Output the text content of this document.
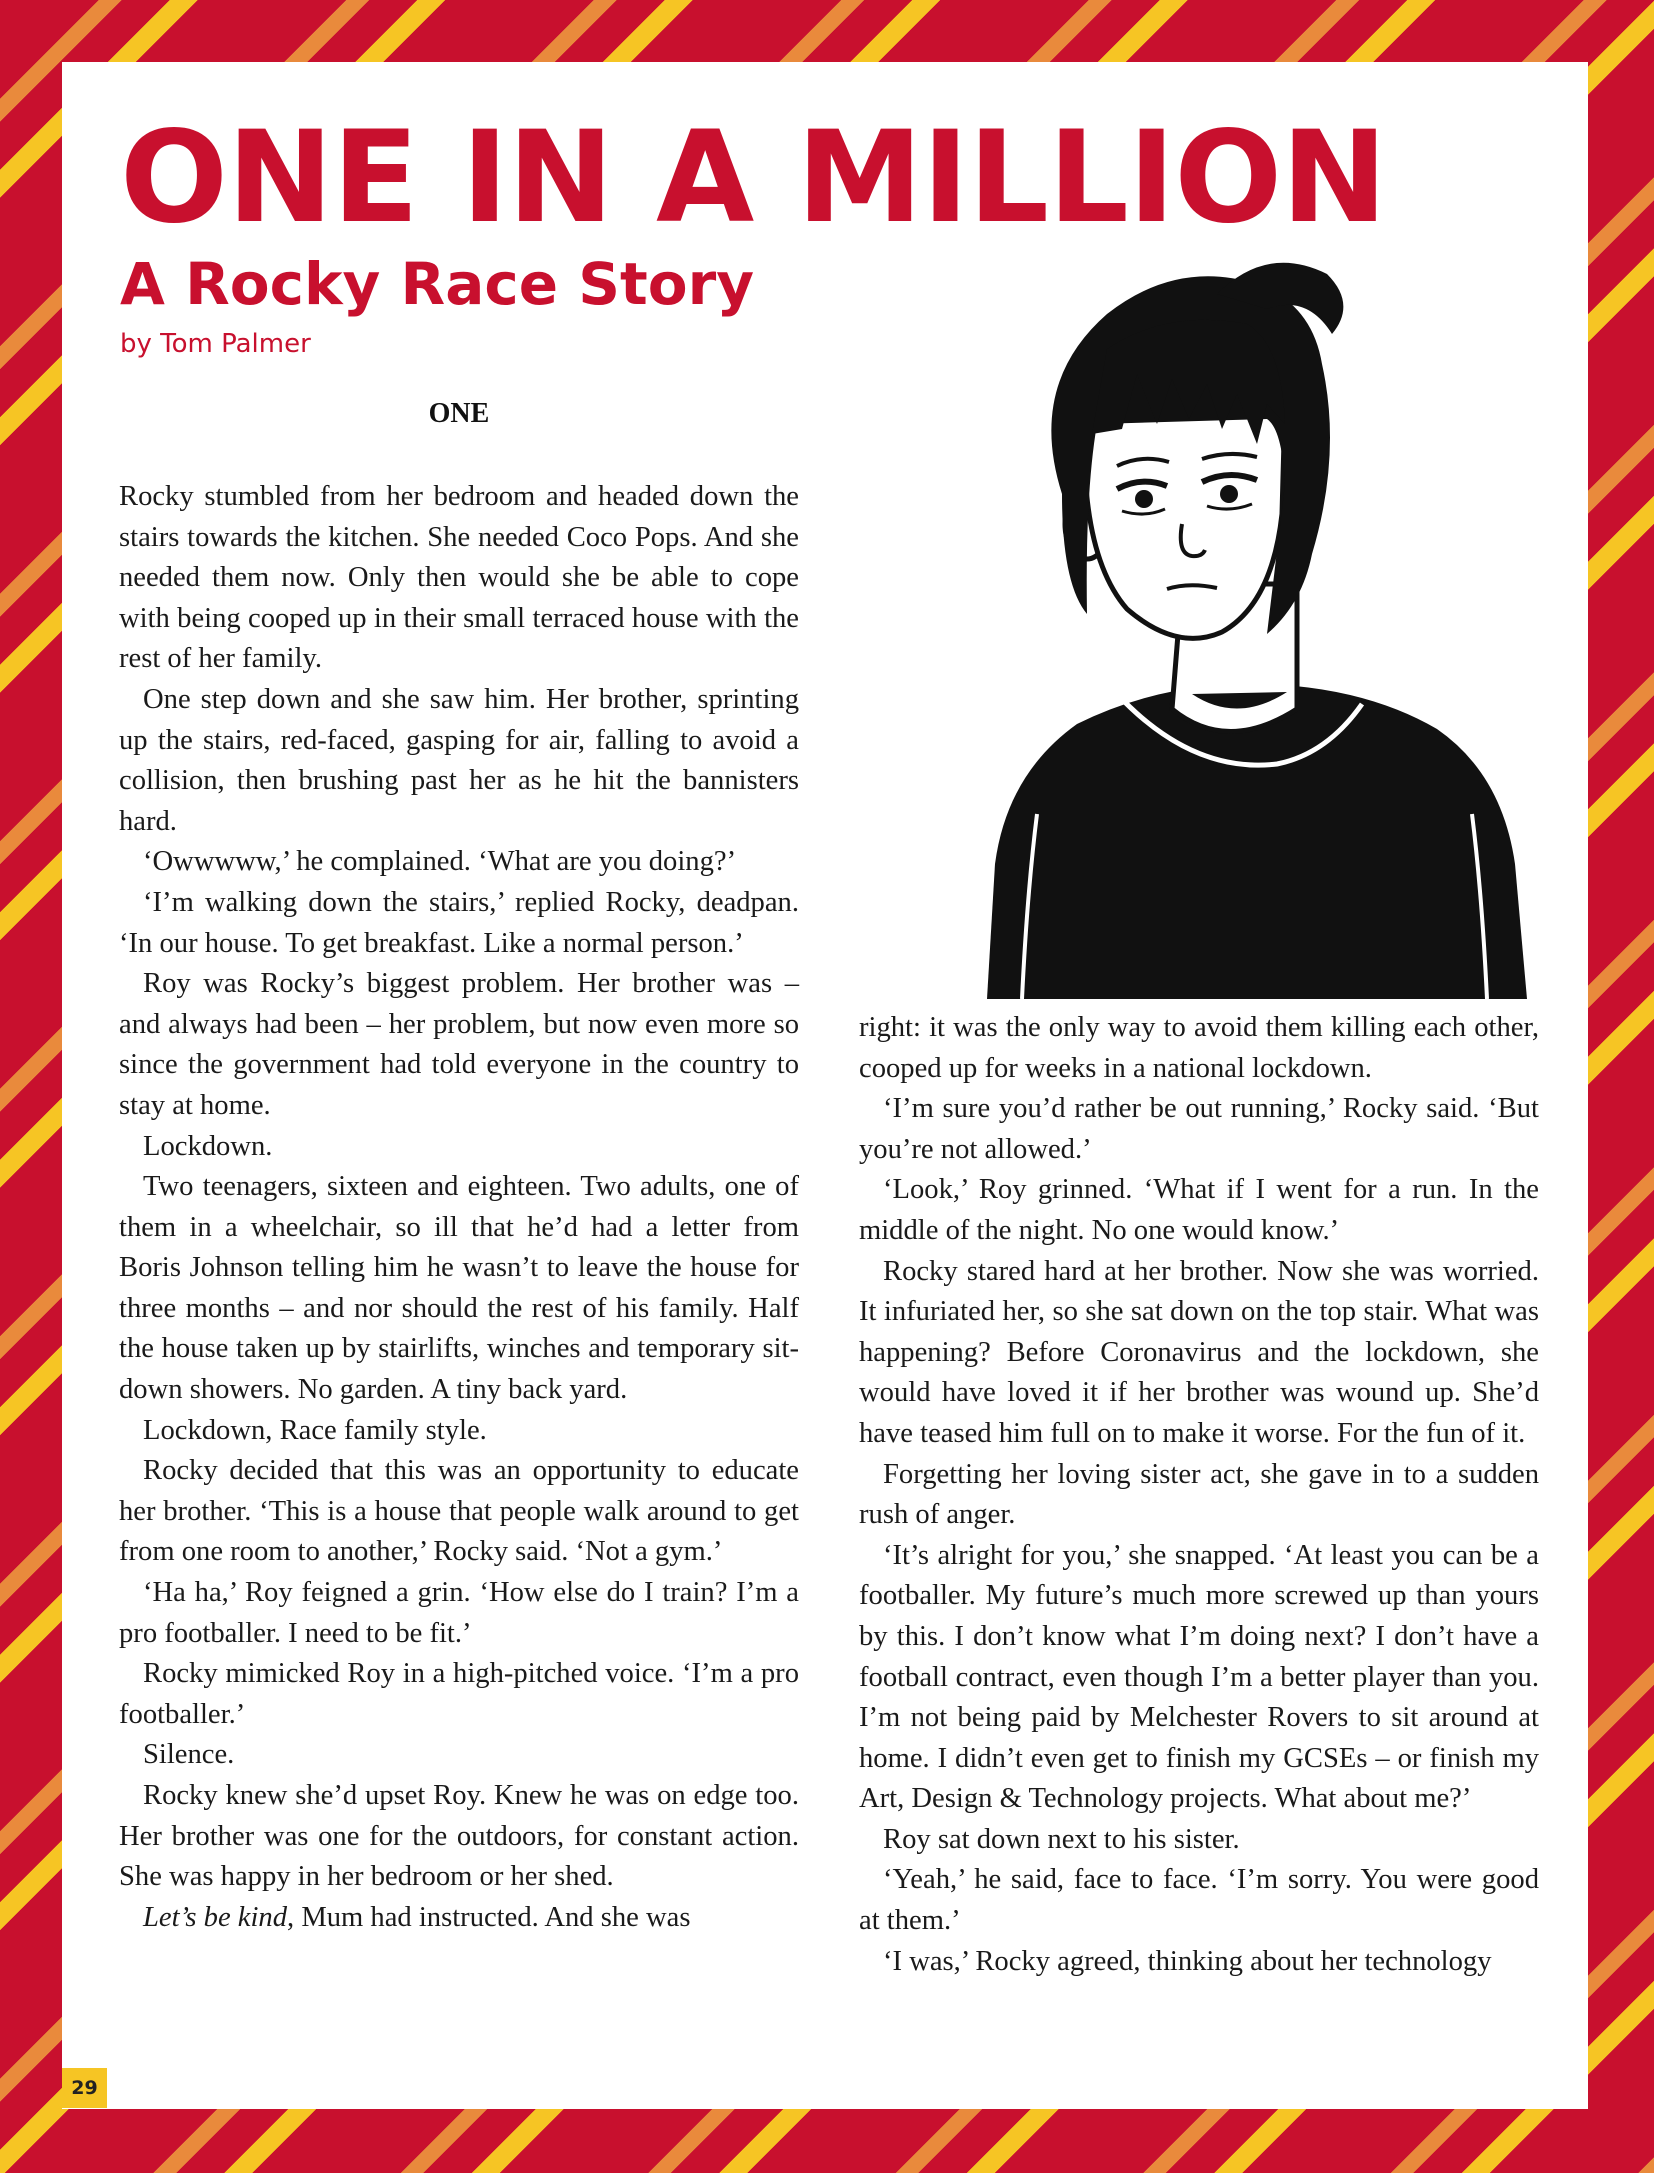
ONE IN A MILLION
A Rocky Race Story
by Tom Palmer
ONE

Rocky stumbled from her bedroom and headed down the stairs towards the kitchen. She needed Coco Pops. And she needed them now. Only then would she be able to cope with being cooped up in their small terraced house with the rest of her family.

One step down and she saw him. Her brother, sprinting up the stairs, red-faced, gasping for air, falling to avoid a collision, then brushing past her as he hit the bannisters hard.

‘Owwwww,’ he complained. ‘What are you doing?’

‘I’m walking down the stairs,’ replied Rocky, deadpan. ‘In our house. To get breakfast. Like a normal person.’

Roy was Rocky’s biggest problem. Her brother was – and always had been – her problem, but now even more so since the government had told everyone in the country to stay at home.

Lockdown.

Two teenagers, sixteen and eighteen. Two adults, one of them in a wheelchair, so ill that he’d had a letter from Boris Johnson telling him he wasn’t to leave the house for three months – and nor should the rest of his family. Half the house taken up by stairlifts, winches and temporary sit-down showers. No garden. A tiny back yard.

Lockdown, Race family style.

Rocky decided that this was an opportunity to educate her brother. ‘This is a house that people walk around to get from one room to another,’ Rocky said. ‘Not a gym.’

‘Ha ha,’ Roy feigned a grin. ‘How else do I train? I’m a pro footballer. I need to be fit.’

Rocky mimicked Roy in a high-pitched voice. ‘I’m a pro footballer.’

Silence.

Rocky knew she’d upset Roy. Knew he was on edge too. Her brother was one for the outdoors, for constant action. She was happy in her bedroom or her shed.

Let’s be kind, Mum had instructed. And she was

right: it was the only way to avoid them killing each other, cooped up for weeks in a national lockdown.

‘I’m sure you’d rather be out running,’ Rocky said. ‘But you’re not allowed.’

‘Look,’ Roy grinned. ‘What if I went for a run. In the middle of the night. No one would know.’

Rocky stared hard at her brother. Now she was worried. It infuriated her, so she sat down on the top stair. What was happening? Before Coronavirus and the lockdown, she would have loved it if her brother was wound up. She’d have teased him full on to make it worse. For the fun of it.

Forgetting her loving sister act, she gave in to a sudden rush of anger.

‘It’s alright for you,’ she snapped. ‘At least you can be a footballer. My future’s much more screwed up than yours by this. I don’t know what I’m doing next? I don’t have a football contract, even though I’m a better player than you. I’m not being paid by Melchester Rovers to sit around at home. I didn’t even get to finish my GCSEs – or finish my Art, Design & Technology projects. What about me?’

Roy sat down next to his sister.

‘Yeah,’ he said, face to face. ‘I’m sorry. You were good at them.’

‘I was,’ Rocky agreed, thinking about her technology

29
